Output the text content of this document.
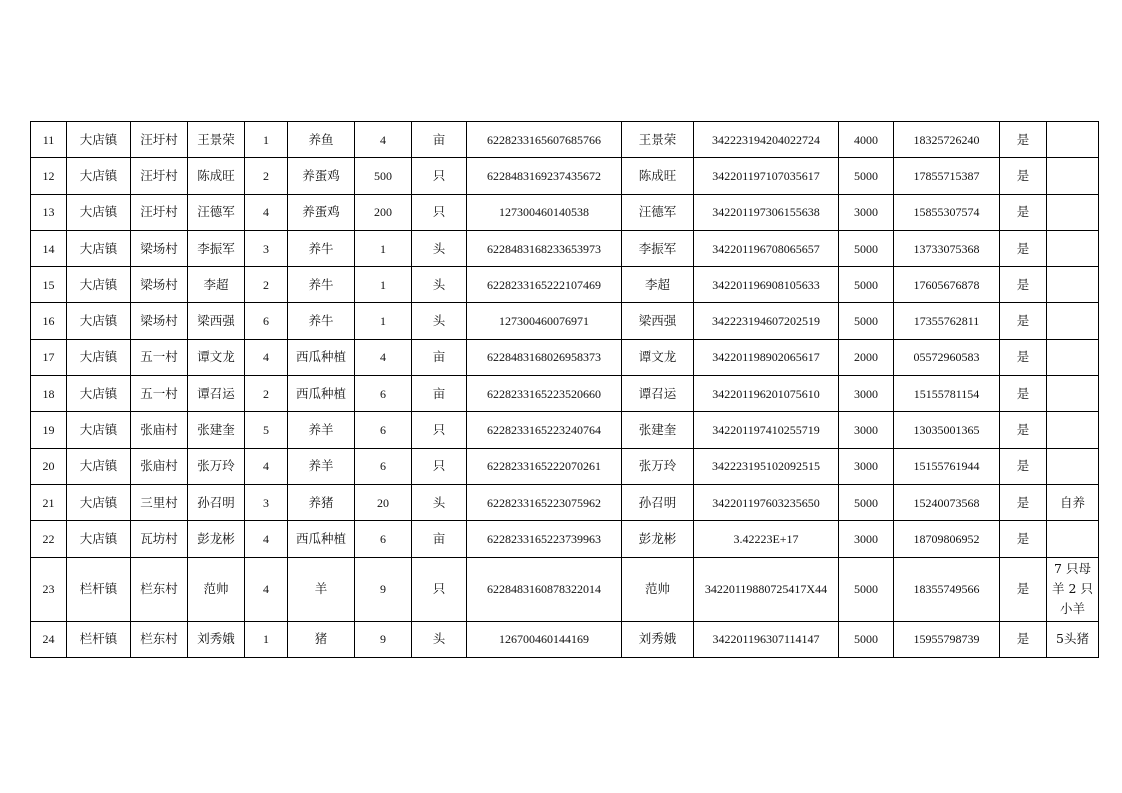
11	大店镇	汪圩村	王景荣	1	养鱼	4	亩	6228233165607685766	王景荣	342223194204022724	4000	18325726240	是	
12	大店镇	汪圩村	陈成旺	2	养蛋鸡	500	只	6228483169237435672	陈成旺	342201197107035617	5000	17855715387	是	
13	大店镇	汪圩村	汪德军	4	养蛋鸡	200	只	127300460140538	汪德军	342201197306155638	3000	15855307574	是	
14	大店镇	梁场村	李振军	3	养牛	1	头	6228483168233653973	李振军	342201196708065657	5000	13733075368	是	
15	大店镇	梁场村	李超	2	养牛	1	头	6228233165222107469	李超	342201196908105633	5000	17605676878	是	
16	大店镇	梁场村	梁西强	6	养牛	1	头	127300460076971	梁西强	342223194607202519	5000	17355762811	是	
17	大店镇	五一村	谭文龙	4	西瓜种植	4	亩	6228483168026958373	谭文龙	342201198902065617	2000	05572960583	是	
18	大店镇	五一村	谭召运	2	西瓜种植	6	亩	6228233165223520660	谭召运	342201196201075610	3000	15155781154	是	
19	大店镇	张庙村	张建奎	5	养羊	6	只	6228233165223240764	张建奎	342201197410255719	3000	13035001365	是	
20	大店镇	张庙村	张万玲	4	养羊	6	只	6228233165222070261	张万玲	342223195102092515	3000	15155761944	是	
21	大店镇	三里村	孙召明	3	养猪	20	头	6228233165223075962	孙召明	342201197603235650	5000	15240073568	是	自养
22	大店镇	瓦坊村	彭龙彬	4	西瓜种植	6	亩	6228233165223739963	彭龙彬	3.42223E+17	3000	18709806952	是	
23	栏杆镇	栏东村	范帅	4	羊	9	只	6228483160878322014	范帅	34220119880725417X44	5000	18355749566	是	7 只母
羊 2 只
小羊

24	栏杆镇	栏东村	刘秀娥	1	猪	9	头	126700460144169	刘秀娥	342201196307114147	5000	15955798739	是	5头猪
